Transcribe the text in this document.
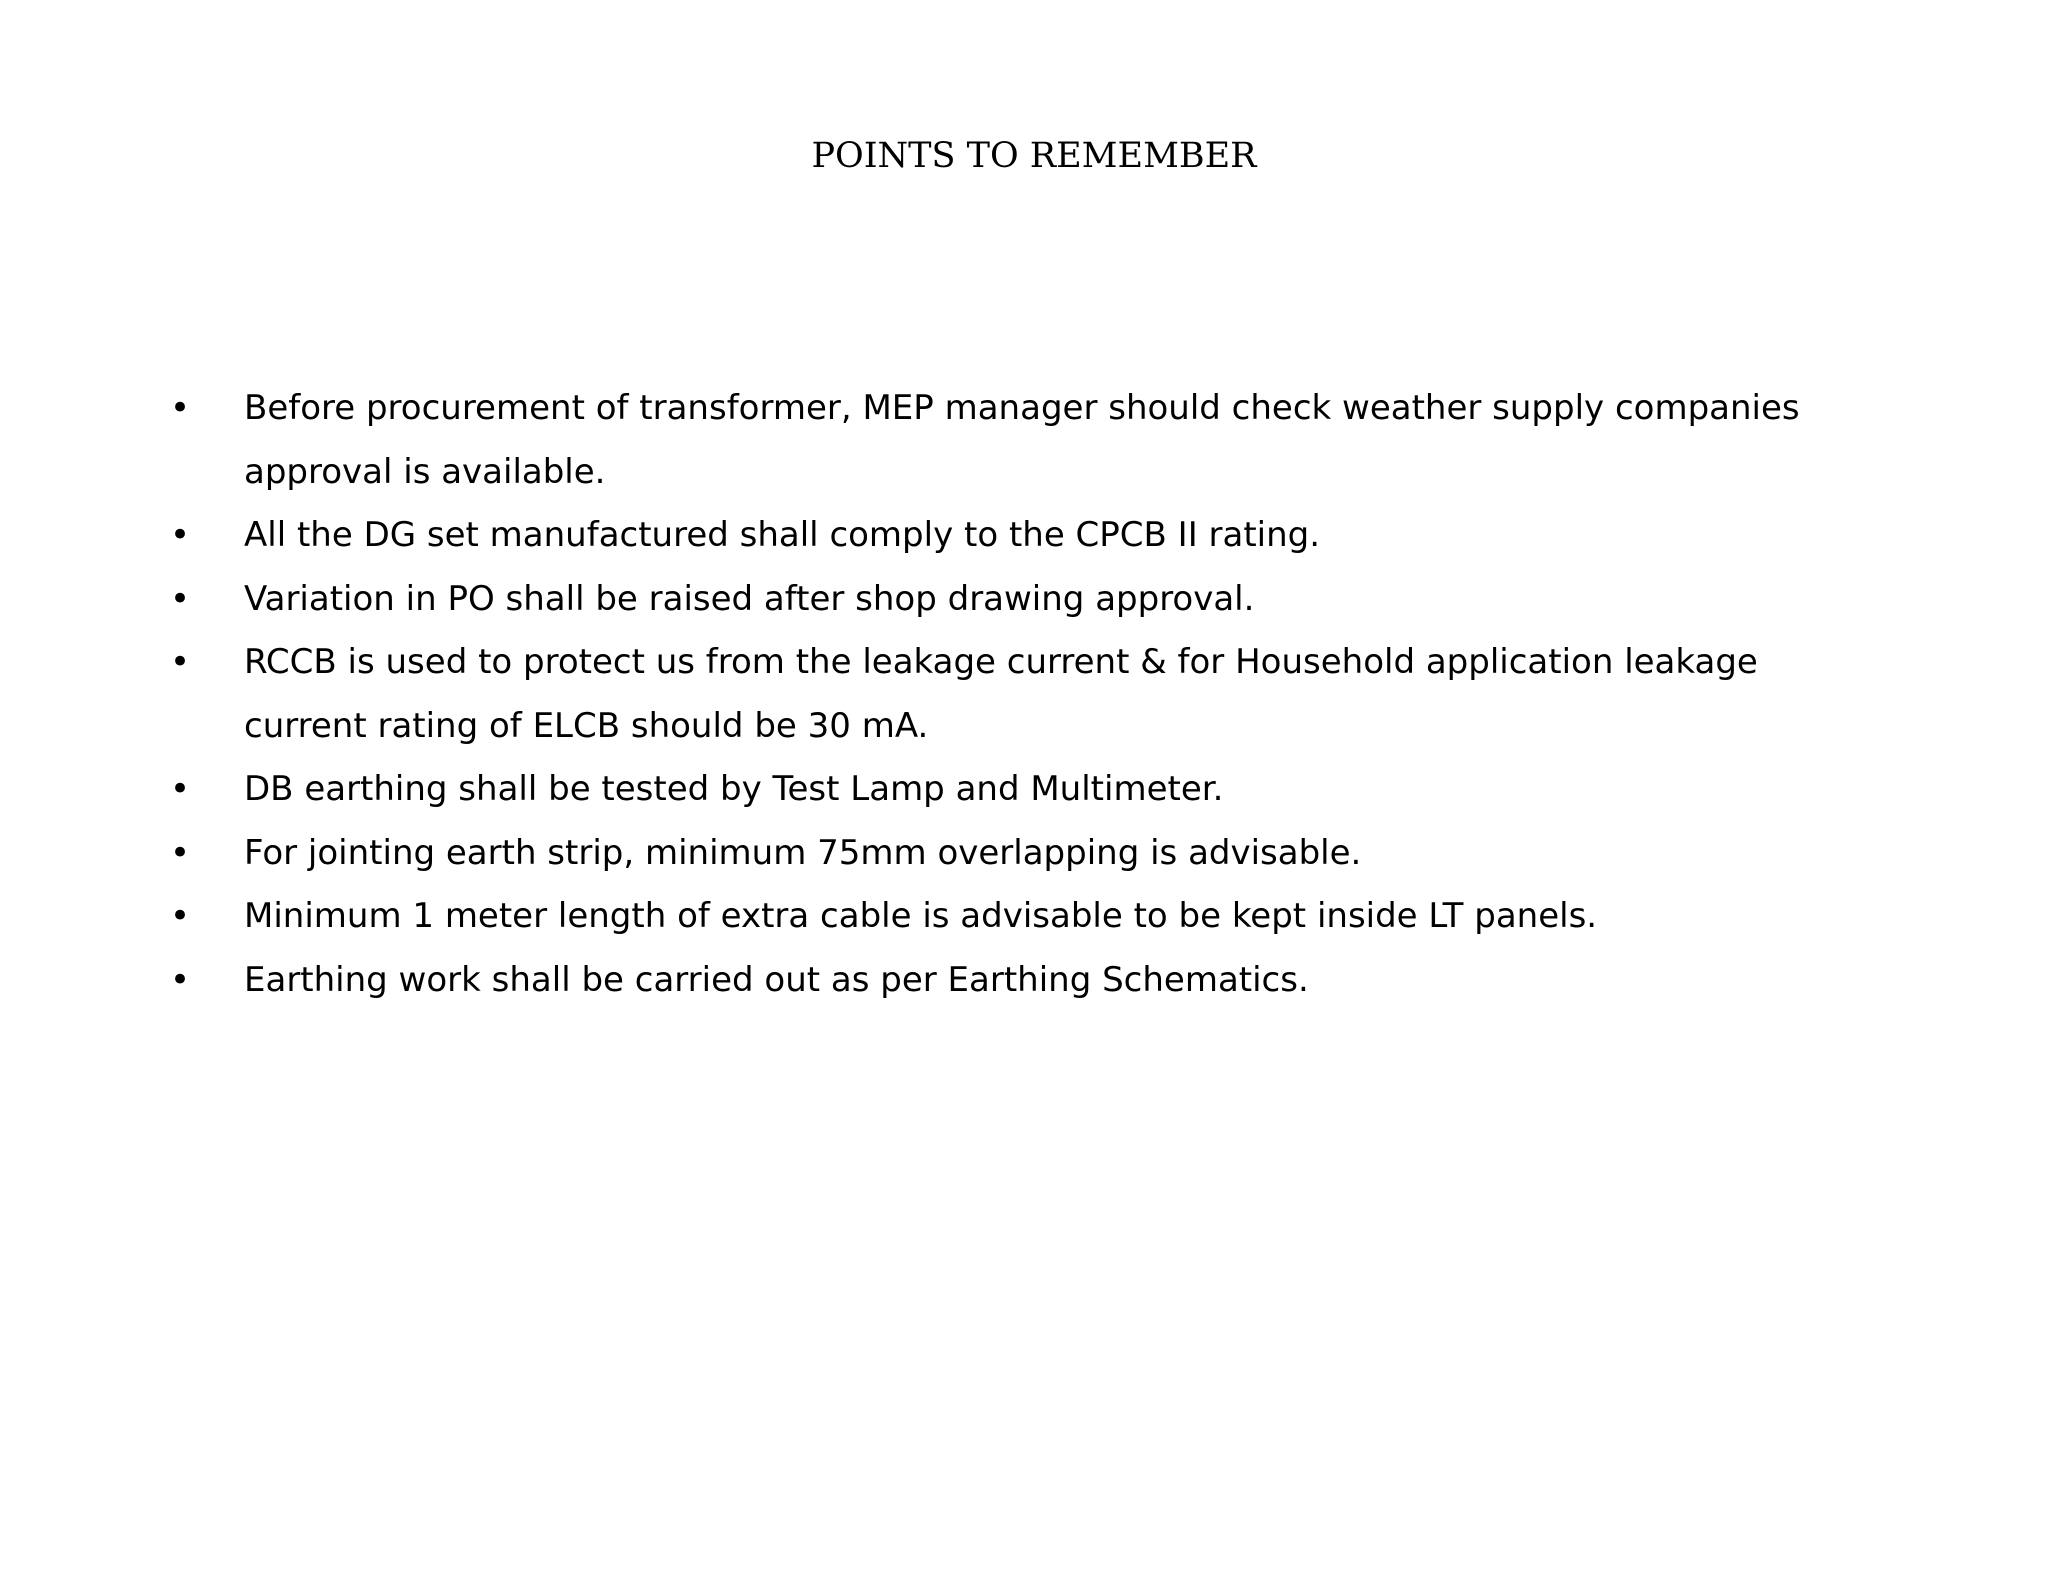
POINTS TO REMEMBER
• Before procurement of transformer, MEP manager should check weather supply companies approval is available.
• All the DG set manufactured shall comply to the CPCB II rating.
• Variation in PO shall be raised after shop drawing approval.
• RCCB is used to protect us from the leakage current & for Household application leakage current rating of ELCB should be 30 mA.
• DB earthing shall be tested by Test Lamp and Multimeter.
• For jointing earth strip, minimum 75mm overlapping is advisable.
• Minimum 1 meter length of extra cable is advisable to be kept inside LT panels.
• Earthing work shall be carried out as per Earthing Schematics.
